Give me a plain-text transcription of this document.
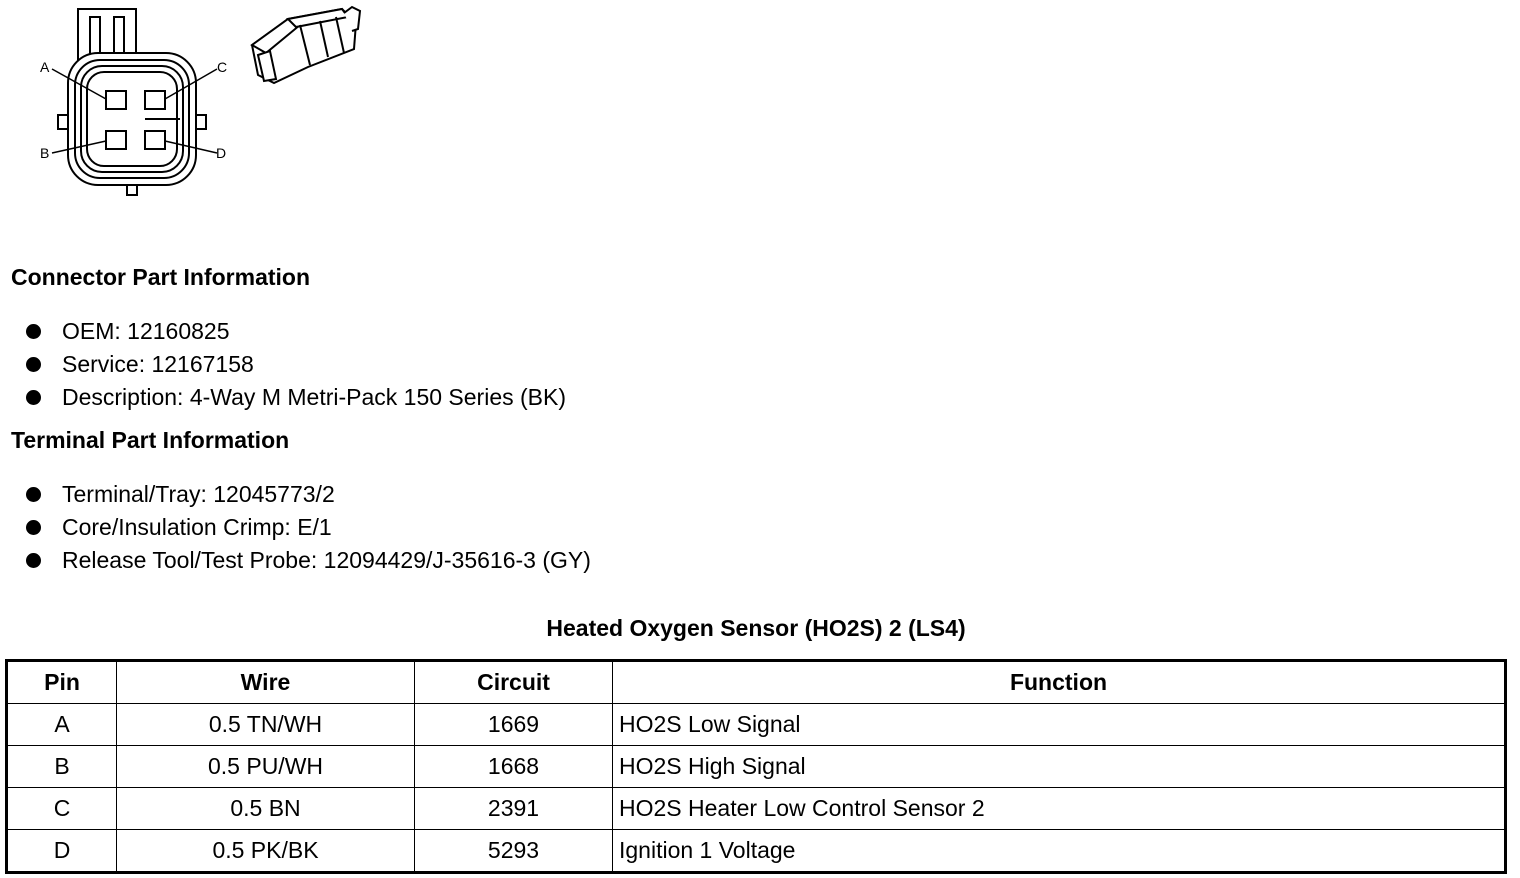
A
B
C
D
Connector Part Information
OEM: 12160825
Service: 12167158
Description: 4-Way M Metri-Pack 150 Series (BK)
Terminal Part Information
Terminal/Tray: 12045773/2
Core/Insulation Crimp: E/1
Release Tool/Test Probe: 12094429/J-35616-3 (GY)
Heated Oxygen Sensor (HO2S) 2 (LS4)
Pin	Wire	Circuit	Function
A	0.5 TN/WH	1669	HO2S Low Signal
B	0.5 PU/WH	1668	HO2S High Signal
C	0.5 BN	2391	HO2S Heater Low Control Sensor 2
D	0.5 PK/BK	5293	Ignition 1 Voltage
